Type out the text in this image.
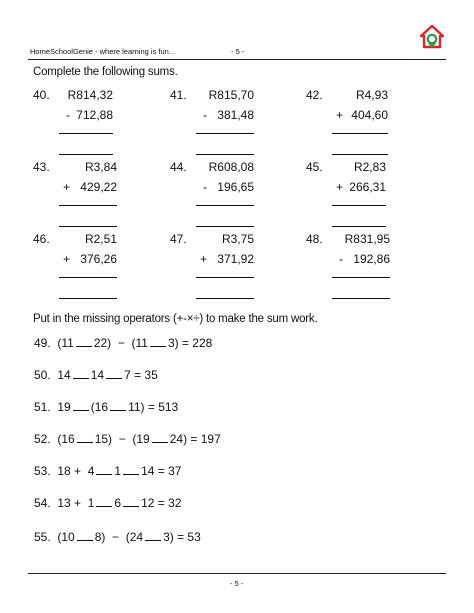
HomeSchoolGenie - where learning is fun...	- 5 -
Complete the following sums.
40. R814,32
- 712,88
41. R815,70
- 381,48
42.	R4,93
+ 404,60
43.	R3,84
+ 429,22
44. R608,08
- 196,65
45.	R2,83
+ 266,31
46.	R2,51
+ 376,26
47.	R3,75
+ 371,92
48. R831,95
- 192,86
Put in the missing operators (+-×÷) to make the sum work.
49. (11 22)  −  (11 3) = 228
50. 14 14 7 = 35
51. 19 (16 11) = 513
52. (16 15)  −  (19 24) = 197
53. 18 +  4 1 14 = 37
54. 13 +  1 6 12 = 32
55. (10 8)  −  (24 3) = 53
- 5 -
